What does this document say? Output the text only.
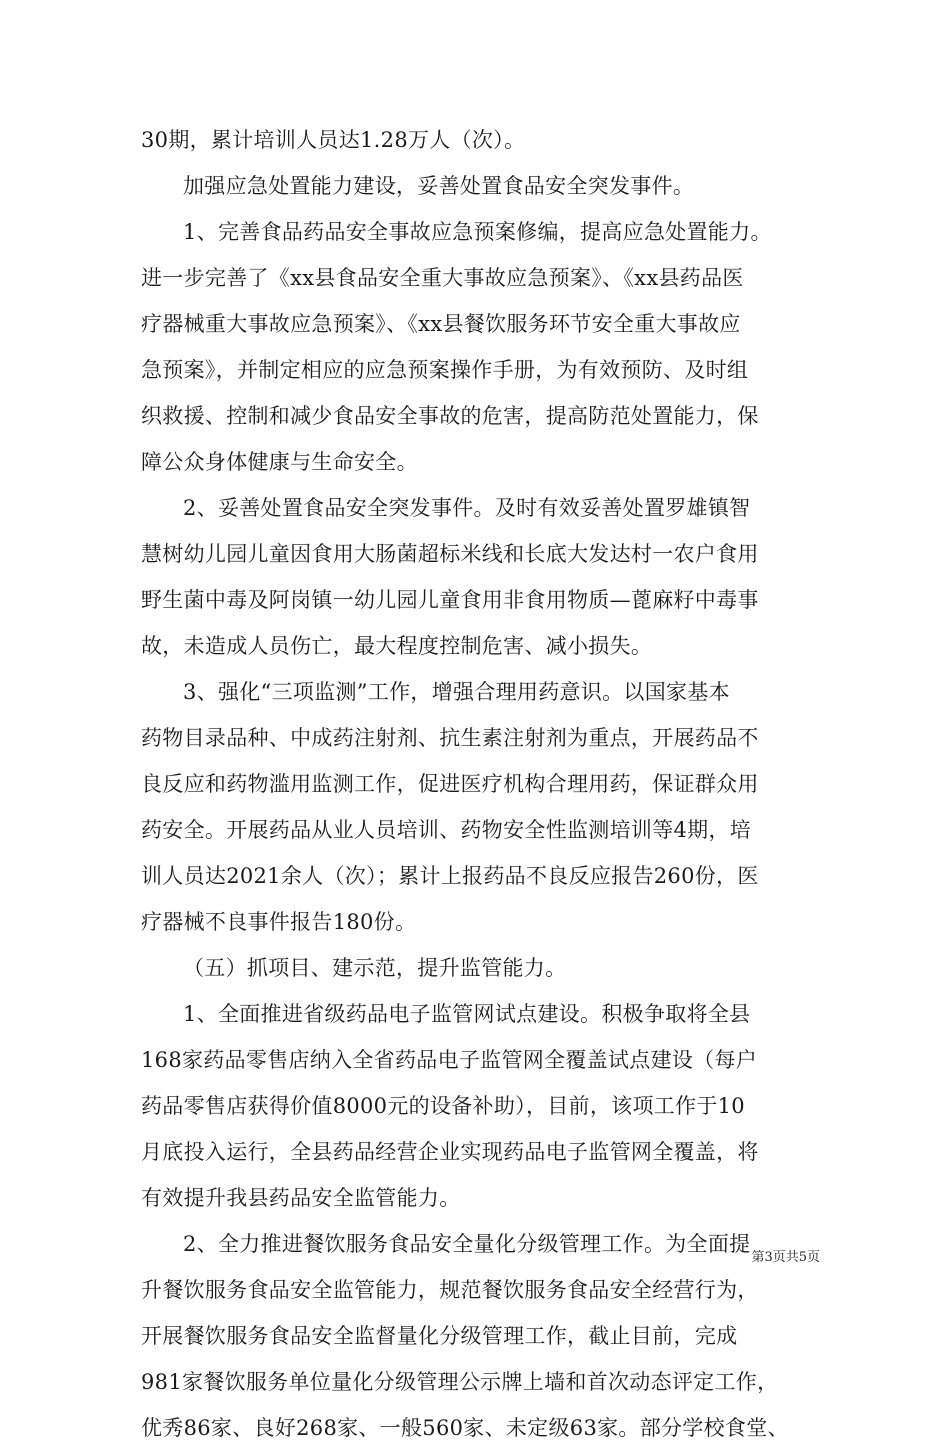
30期，累计培训人员达1.28万人（次）。
加强应急处置能力建设，妥善处置食品安全突发事件。
1、完善食品药品安全事故应急预案修编，提高应急处置能力。
进一步完善了《xx县食品安全重大事故应急预案》、《xx县药品医
疗器械重大事故应急预案》、《xx县餐饮服务环节安全重大事故应
急预案》，并制定相应的应急预案操作手册，为有效预防、及时组
织救援、控制和减少食品安全事故的危害，提高防范处置能力，保
障公众身体健康与生命安全。
2、妥善处置食品安全突发事件。及时有效妥善处置罗雄镇智
慧树幼儿园儿童因食用大肠菌超标米线和长底大发达村一农户食用
野生菌中毒及阿岗镇一幼儿园儿童食用非食用物质—蓖麻籽中毒事
故，未造成人员伤亡，最大程度控制危害、减小损失。
3、强化“三项监测”工作，增强合理用药意识。以国家基本
药物目录品种、中成药注射剂、抗生素注射剂为重点，开展药品不
良反应和药物滥用监测工作，促进医疗机构合理用药，保证群众用
药安全。开展药品从业人员培训、药物安全性监测培训等4期，培
训人员达2021余人（次）；累计上报药品不良反应报告260份，医
疗器械不良事件报告180份。
（五）抓项目、建示范，提升监管能力。
1、全面推进省级药品电子监管网试点建设。积极争取将全县
168家药品零售店纳入全省药品电子监管网全覆盖试点建设（每户
药品零售店获得价值8000元的设备补助），目前，该项工作于10
月底投入运行，全县药品经营企业实现药品电子监管网全覆盖，将
有效提升我县药品安全监管能力。
2、全力推进餐饮服务食品安全量化分级管理工作。为全面提
升餐饮服务食品安全监管能力，规范餐饮服务食品安全经营行为，
开展餐饮服务食品安全监督量化分级管理工作，截止目前，完成
981家餐饮服务单位量化分级管理公示牌上墙和首次动态评定工作，
优秀86家、良好268家、一般560家、未定级63家。部分学校食堂、
第3页共5页
